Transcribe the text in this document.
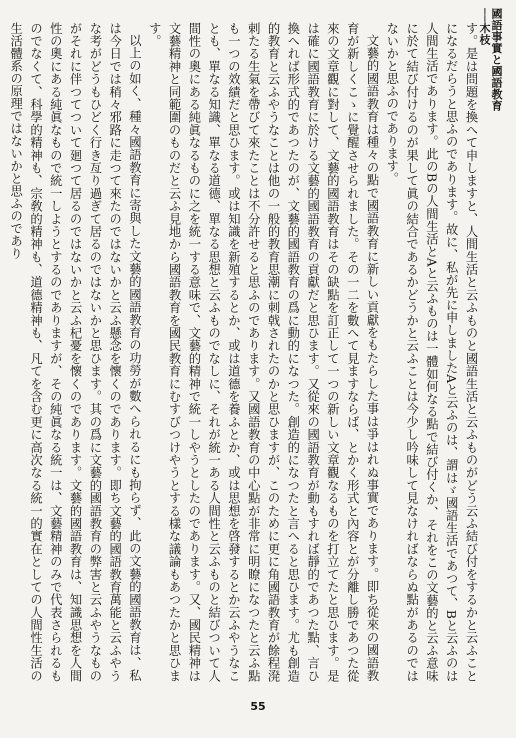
國語事實と國語教育──木枝

す。是は問題を換へて申しますと、人間生活と云ふものと國語生活と云ふものがどう云ふ結び付をするかと云ふことになるだらうと思ふのであります。故に、私が先に申しましたAと云ふのは、謂はゞ國語生活であつて、Bと云ふのは人間生活であります。此のBの人間生活とAと云ふものは一體如何なる點で結び付くか、それをこの文藝的と云ふ意味に於て結び付けるのが果して眞の結合であるかどうかと云ふことは今少し吟味して見なければならぬ點があるのではないかと思ふのであります。

文藝的國語教育は種々の點で國語教育に新しい貢獻をもたらした事は爭はれぬ事實であります。即ち從來の國語教育が新しくこゝに覺醒させられました。その一二を數へて見ますならば、とかく形式と內容とが分離し勝であつた從來の文章觀に對して、文藝的國語教育はその缺點を訂正して一つの新しい文章觀なるものを打立てたと思ひます。是は確に國語教育に於ける文藝的國語教育の貢獻だと思ひます。又從來の國語教育が動もすれば靜的であつた點、言ひ換へれば形式的であつたのが、文藝的國語教育の爲に動的になつた。創造的になつたと言へると思ひます。尤も創造的教育と云ふやうなことは他の一般的教育思潮に刺戟されたのかと思ひますが、このために更に角國語教育が餘程溌剌たる生氣を帶びて來たことは不分許せると思ふのであります。又國語教育の中心點が非常に明瞭になつたと云ふ點も一つの效績だと思ひます。或は知識を新殖するとか、或は道德を養ふとか、或は思想を啓發するとか云ふやうなことも、單なる知識、單なる道德、單なる思想と云ふものでなしに、それが統一ある人間性と云ふものと結びついて人間性の奧にある純眞なるものに之を統一する意味で、文藝的精神で統一しやうとしたのであります。又、國民精神は文藝精神と同範圍のものだと云ふ見地から國語教育を國民教育にむすびつけやうとする樣な議論もあつたかと思ひます。

以上の如く、種々國語教育に寄與した文藝的國語教育の功勞が數へられるにも拘らず、此の文藝的國語教育は、私は今日では稍々邪路に走つて來たのではないかと云ふ懸念を懷くのであります。即ち文藝的國語教育萬能と云ふやうな考がどうもひどく行き亙り過ぎて居るのではないかと思ひます。其の爲に文藝的國語教育の弊害と云ふやうなものがそれに伴つてついて廻つて居るのではないかと云ふ杞憂を懷くのであります。文藝的國語教育は、知識思想を人間性の奧にある純眞なもので統一しようとするのでありますが、その純眞なる統一は、文藝精神のみで代表さられるものでなくて、科學的精神も、宗敎的精神も、道德精神も、凡てを含む更に高次なる統一的實在としての人間性生活の生活體系の原理ではないかと思ふのであり

55
